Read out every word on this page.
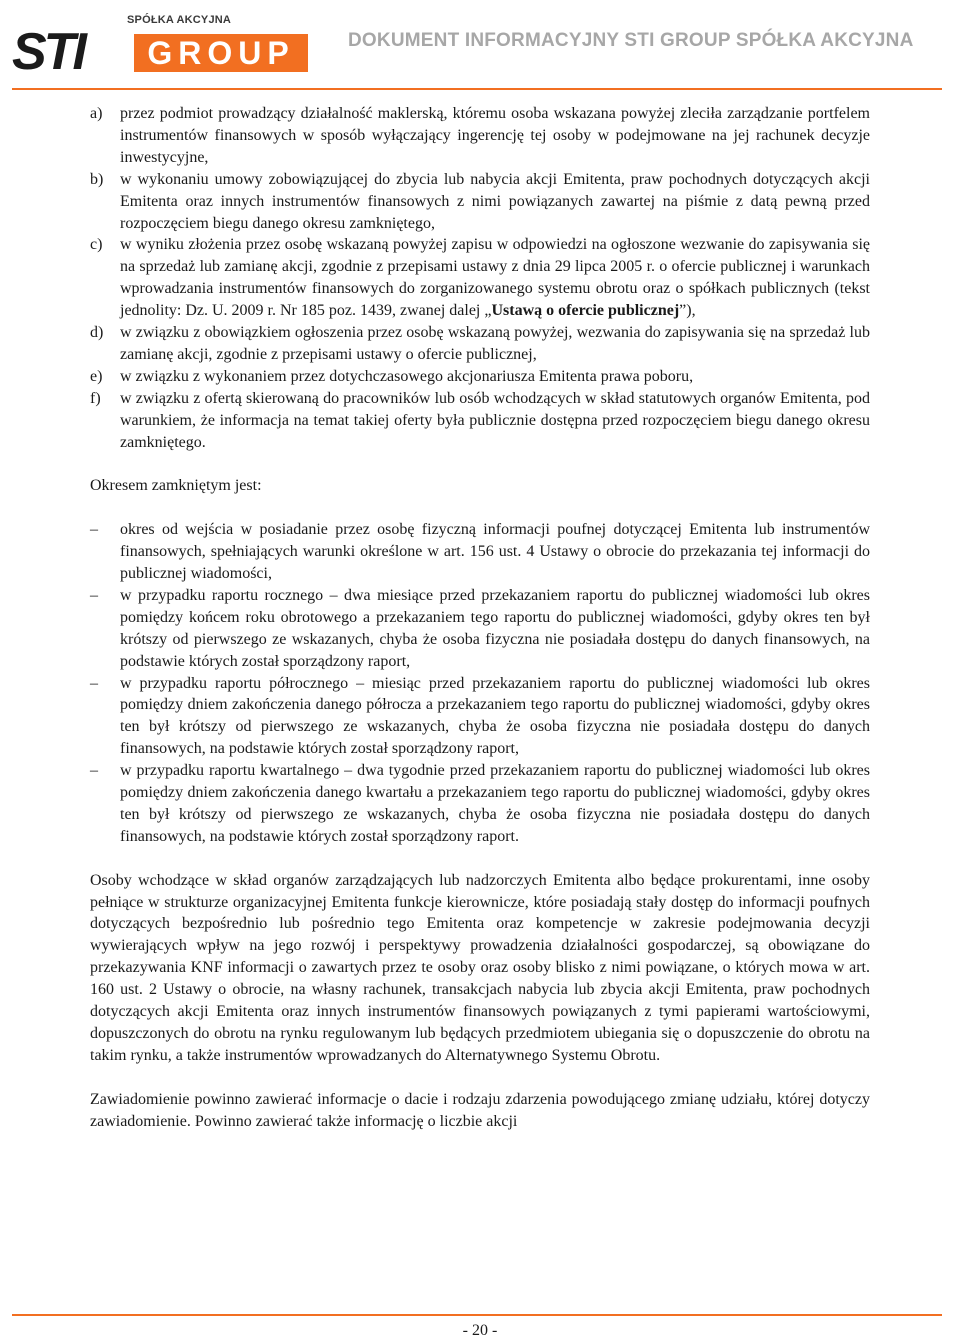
SPÓŁKA AKCYJNA
STI	GROUP	DOKUMENT INFORMACYJNY STI GROUP SPÓŁKA AKCYJNA
a) przez podmiot prowadzący działalność maklerską, któremu osoba wskazana powyżej zleciła zarządzanie portfelem instrumentów finansowych w sposób wyłączający ingerencję tej osoby w podejmowane na jej rachunek decyzje inwestycyjne,
b) w wykonaniu umowy zobowiązującej do zbycia lub nabycia akcji Emitenta, praw pochodnych dotyczących akcji Emitenta oraz innych instrumentów finansowych z nimi powiązanych zawartej na piśmie z datą pewną przed rozpoczęciem biegu danego okresu zamkniętego,
c) w wyniku złożenia przez osobę wskazaną powyżej zapisu w odpowiedzi na ogłoszone wezwanie do zapisywania się na sprzedaż lub zamianę akcji, zgodnie z przepisami ustawy z dnia 29 lipca 2005 r. o ofercie publicznej i warunkach wprowadzania instrumentów finansowych do zorganizowanego systemu obrotu oraz o spółkach publicznych (tekst jednolity: Dz. U. 2009 r. Nr 185 poz. 1439, zwanej dalej „Ustawą o ofercie publicznej”),
d) w związku z obowiązkiem ogłoszenia przez osobę wskazaną powyżej, wezwania do zapisywania się na sprzedaż lub zamianę akcji, zgodnie z przepisami ustawy o ofercie publicznej,
e) w związku z wykonaniem przez dotychczasowego akcjonariusza Emitenta prawa poboru,
f) w związku z ofertą skierowaną do pracowników lub osób wchodzących w skład statutowych organów Emitenta, pod warunkiem, że informacja na temat takiej oferty była publicznie dostępna przed rozpoczęciem biegu danego okresu zamkniętego.

Okresem zamkniętym jest:

– okres od wejścia w posiadanie przez osobę fizyczną informacji poufnej dotyczącej Emitenta lub instrumentów finansowych, spełniających warunki określone w art. 156 ust. 4 Ustawy o obrocie do przekazania tej informacji do publicznej wiadomości,
– w przypadku raportu rocznego – dwa miesiące przed przekazaniem raportu do publicznej wiadomości lub okres pomiędzy końcem roku obrotowego a przekazaniem tego raportu do publicznej wiadomości, gdyby okres ten był krótszy od pierwszego ze wskazanych, chyba że osoba fizyczna nie posiadała dostępu do danych finansowych, na podstawie których został sporządzony raport,
– w przypadku raportu półrocznego – miesiąc przed przekazaniem raportu do publicznej wiadomości lub okres pomiędzy dniem zakończenia danego półrocza a przekazaniem tego raportu do publicznej wiadomości, gdyby okres ten był krótszy od pierwszego ze wskazanych, chyba że osoba fizyczna nie posiadała dostępu do danych finansowych, na podstawie których został sporządzony raport,
– w przypadku raportu kwartalnego – dwa tygodnie przed przekazaniem raportu do publicznej wiadomości lub okres pomiędzy dniem zakończenia danego kwartału a przekazaniem tego raportu do publicznej wiadomości, gdyby okres ten był krótszy od pierwszego ze wskazanych, chyba że osoba fizyczna nie posiadała dostępu do danych finansowych, na podstawie których został sporządzony raport.

Osoby wchodzące w skład organów zarządzających lub nadzorczych Emitenta albo będące prokurentami, inne osoby pełniące w strukturze organizacyjnej Emitenta funkcje kierownicze, które posiadają stały dostęp do informacji poufnych dotyczących bezpośrednio lub pośrednio tego Emitenta oraz kompetencje w zakresie podejmowania decyzji wywierających wpływ na jego rozwój i perspektywy prowadzenia działalności gospodarczej, są obowiązane do przekazywania KNF informacji o zawartych przez te osoby oraz osoby blisko z nimi powiązane, o których mowa w art. 160 ust. 2 Ustawy o obrocie, na własny rachunek, transakcjach nabycia lub zbycia akcji Emitenta, praw pochodnych dotyczących akcji Emitenta oraz innych instrumentów finansowych powiązanych z tymi papierami wartościowymi, dopuszczonych do obrotu na rynku regulowanym lub będących przedmiotem ubiegania się o dopuszczenie do obrotu na takim rynku, a także instrumentów wprowadzanych do Alternatywnego Systemu Obrotu.

Zawiadomienie powinno zawierać informacje o dacie i rodzaju zdarzenia powodującego zmianę udziału, której dotyczy zawiadomienie. Powinno zawierać także informację o liczbie akcji

- 20 -
